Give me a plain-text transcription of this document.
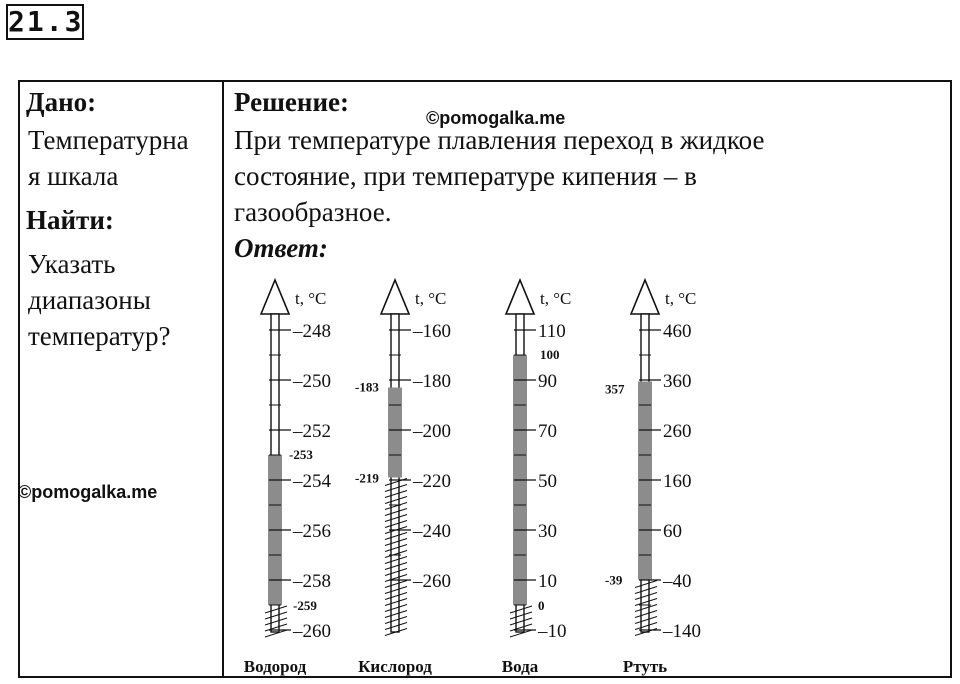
21.3
Дано:
Температурна
я шкала
Найти:
Указать
диапазоны
температур?
©pomogalka.me
Решение:
©pomogalka.me
При температуре плавления переход в жидкое
состояние, при температуре кипения – в
газообразное.
Ответ:
t, °C
–248
–250
–252
–254
–256
–258
–260
-253
-259
Водород
t, °C
–160
–180
–200
–220
–240
–260
-183
-219
Кислород
t, °C
110
90
70
50
30
10
–10
100
0
Вода
t, °C
460
360
260
160
60
–40
–140
357
-39
Ртуть
